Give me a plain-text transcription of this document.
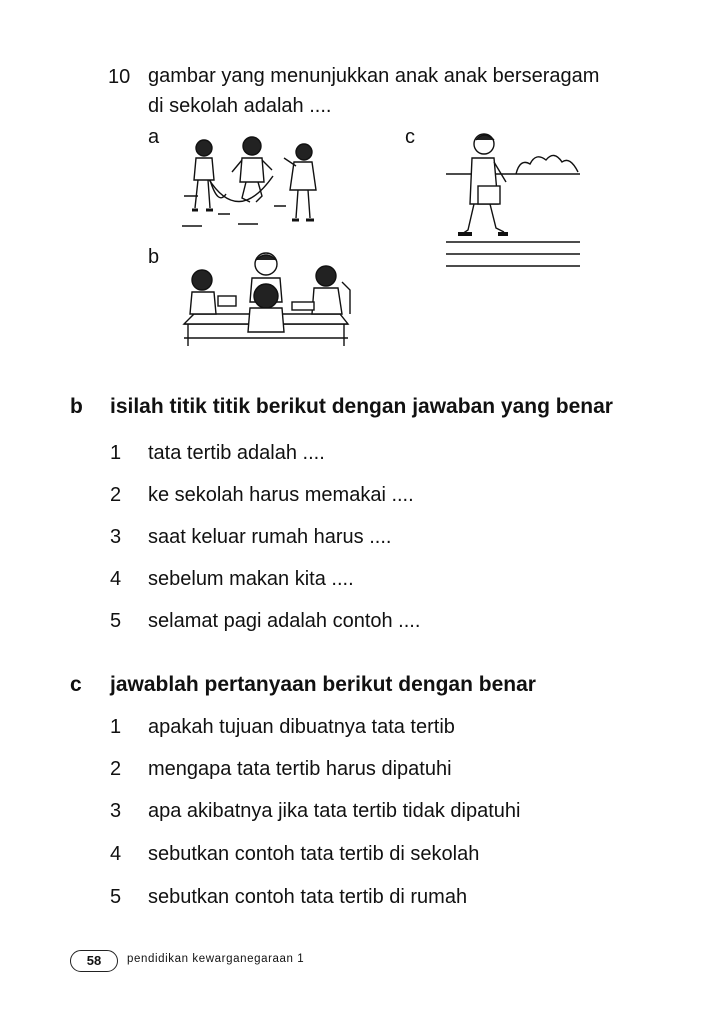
10 gambar yang menunjukkan anak anak berseragam
di sekolah adalah ....
a	c
b
b isilah titik titik berikut dengan jawaban yang benar
1 tata tertib adalah ....
2 ke sekolah harus memakai ....
3 saat keluar rumah harus ....
4 sebelum makan kita ....
5 selamat pagi adalah contoh ....
c jawablah pertanyaan berikut dengan benar
1 apakah tujuan dibuatnya tata tertib
2 mengapa tata tertib harus dipatuhi
3 apa akibatnya jika tata tertib tidak dipatuhi
4 sebutkan contoh tata tertib di sekolah
5 sebutkan contoh tata tertib di rumah
58	pendidikan kewarganegaraan 1
